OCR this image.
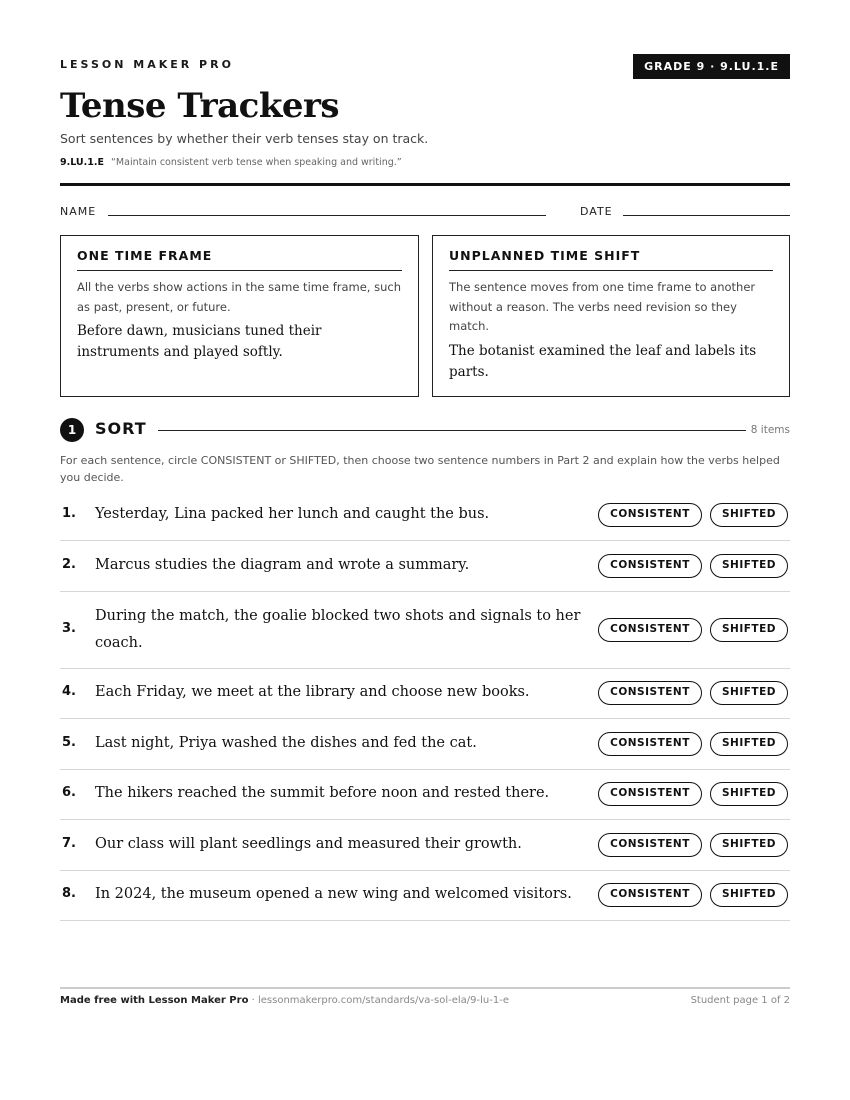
LESSON MAKER PRO	GRADE 9 · 9.LU.1.E
Tense Trackers
Sort sentences by whether their verb tenses stay on track.
9.LU.1.E “Maintain consistent verb tense when speaking and writing.”
NAME	DATE
ONE TIME FRAME
All the verbs show actions in the same time frame, such as past, present, or future.
Before dawn, musicians tuned their instruments and played softly.
UNPLANNED TIME SHIFT
The sentence moves from one time frame to another without a reason. The verbs need revision so they match.
The botanist examined the leaf and labels its parts.
1	SORT	8 items
For each sentence, circle CONSISTENT or SHIFTED, then choose two sentence numbers in Part 2 and explain how the verbs helped you decide.
1. Yesterday, Lina packed her lunch and caught the bus.	CONSISTENT	SHIFTED
2. Marcus studies the diagram and wrote a summary.	CONSISTENT	SHIFTED
3.
During the match, the goalie blocked two shots and signals to her coach.
CONSISTENT	SHIFTED
4. Each Friday, we meet at the library and choose new books.	CONSISTENT	SHIFTED
5. Last night, Priya washed the dishes and fed the cat.	CONSISTENT	SHIFTED
6. The hikers reached the summit before noon and rested there.	CONSISTENT	SHIFTED
7. Our class will plant seedlings and measured their growth.	CONSISTENT	SHIFTED
8. In 2024, the museum opened a new wing and welcomed visitors.	CONSISTENT	SHIFTED
Made free with Lesson Maker Pro · lessonmakerpro.com/standards/va-sol-ela/9-lu-1-e	Student page 1 of 2
